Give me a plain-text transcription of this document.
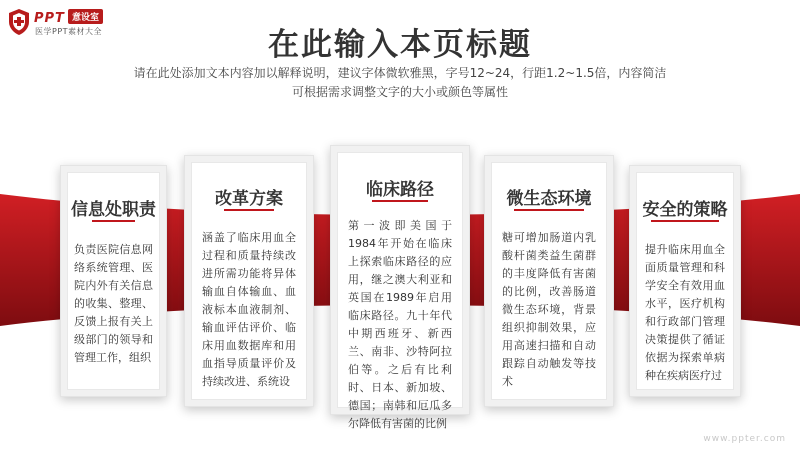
PPT 意设室
医学PPT素材大全	在此输入本页标题
请在此处添加文本内容加以解释说明，建议字体微软雅黑，字号12~24，行距1.2~1.5倍，内容简洁
可根据需求调整文字的大小或颜色等属性
信息处职责
负责医院信息网络系统管理、医院内外有关信息的收集、整理、反馈上报有关上级部门的领导和管理工作，组织
改革方案
涵盖了临床用血全过程和质量持续改进所需功能将异体输血自体输血、血液标本血液制剂、输血评估评价、临床用血数据库和用血指导质量评价及持续改进、系统设
临床路径
第一波即美国于1984年开始在临床上探索临床路径的应用，继之澳大利亚和英国在1989年启用临床路径。九十年代中期西班牙、新西兰、南非、沙特阿拉伯等。之后有比利时、日本、新加坡、德国；南韩和厄瓜多尔降低有害菌的比例
微生态环境
糖可增加肠道内乳酸杆菌类益生菌群的丰度降低有害菌的比例，改善肠道微生态环境，背景组织抑制效果，应用高速扫描和自动跟踪自动触发等技术
安全的策略
提升临床用血全面质量管理和科学安全有效用血水平，医疗机构和行政部门管理决策提供了循证依据为探索单病种在疾病医疗过
www.ppter.com
